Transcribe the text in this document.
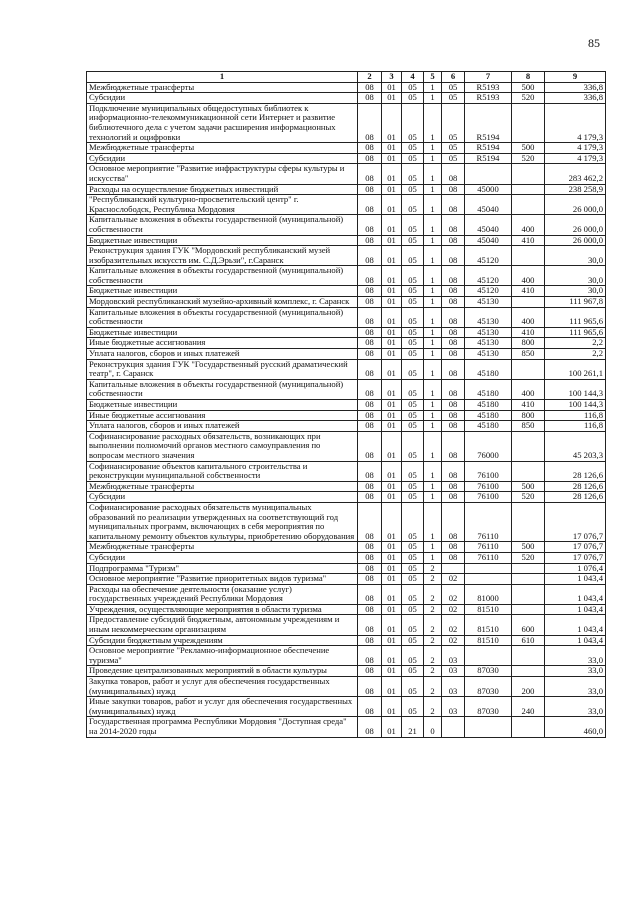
85
1	2	3	4	5	6	7	8	9
Межбюджетные трансферты	08	01	05	1	05	R5193	500	336,8
Субсидии	08	01	05	1	05	R5193	520	336,8
Подключение муниципальных общедоступных библиотек к информационно-телекоммуникационной сети Интернет и развитие библиотечного дела с учетом задачи расширения информационных технологий и оцифровки	08	01	05	1	05	R5194		4 179,3
Межбюджетные трансферты	08	01	05	1	05	R5194	500	4 179,3
Субсидии	08	01	05	1	05	R5194	520	4 179,3
Основное мероприятие "Развитие инфраструктуры сферы культуры и искусства"	08	01	05	1	08			283 462,2
Расходы на осуществление бюджетных инвестиций	08	01	05	1	08	45000		238 258,9
"Республиканский культурно-просветительский центр" г. Краснослободск, Республика Мордовия	08	01	05	1	08	45040		26 000,0
Капитальные вложения в объекты государственной (муниципальной) собственности	08	01	05	1	08	45040	400	26 000,0
Бюджетные инвестиции	08	01	05	1	08	45040	410	26 000,0
Реконструкция здания ГУК "Мордовский республиканский музей изобразительных искусств им. С.Д.Эрьзи", г.Саранск	08	01	05	1	08	45120		30,0
Капитальные вложения в объекты государственной (муниципальной) собственности	08	01	05	1	08	45120	400	30,0
Бюджетные инвестиции	08	01	05	1	08	45120	410	30,0
Мордовский республиканский музейно-архивный комплекс, г. Саранск	08	01	05	1	08	45130		111 967,8
Капитальные вложения в объекты государственной (муниципальной) собственности	08	01	05	1	08	45130	400	111 965,6
Бюджетные инвестиции	08	01	05	1	08	45130	410	111 965,6
Иные бюджетные ассигнования	08	01	05	1	08	45130	800	2,2
Уплата налогов, сборов и иных платежей	08	01	05	1	08	45130	850	2,2
Реконструкция здания ГУК "Государственный русский драматический театр", г. Саранск	08	01	05	1	08	45180		100 261,1
Капитальные вложения в объекты государственной (муниципальной) собственности	08	01	05	1	08	45180	400	100 144,3
Бюджетные инвестиции	08	01	05	1	08	45180	410	100 144,3
Иные бюджетные ассигнования	08	01	05	1	08	45180	800	116,8
Уплата налогов, сборов и иных платежей	08	01	05	1	08	45180	850	116,8
Софинансирование расходных обязательств, возникающих при выполнении полномочий органов местного самоуправления по вопросам местного значения	08	01	05	1	08	76000		45 203,3
Софинансирование объектов капитального строительства и реконструкции муниципальной собственности	08	01	05	1	08	76100		28 126,6
Межбюджетные трансферты	08	01	05	1	08	76100	500	28 126,6
Субсидии	08	01	05	1	08	76100	520	28 126,6
Софинансирование расходных обязательств муниципальных образований по реализации утвержденных на соответствующий год муниципальных программ, включающих в себя мероприятия по капитальному ремонту объектов культуры, приобретению оборудования	08	01	05	1	08	76110		17 076,7
Межбюджетные трансферты	08	01	05	1	08	76110	500	17 076,7
Субсидии	08	01	05	1	08	76110	520	17 076,7
Подпрограмма "Туризм"	08	01	05	2				1 076,4
Основное мероприятие "Развитие приоритетных видов туризма"	08	01	05	2	02			1 043,4
Расходы на обеспечение деятельности (оказание услуг) государственных учреждений Республики Мордовия	08	01	05	2	02	81000		1 043,4
Учреждения, осуществляющие мероприятия в области туризма	08	01	05	2	02	81510		1 043,4
Предоставление субсидий бюджетным, автономным учреждениям и иным некоммерческим организациям	08	01	05	2	02	81510	600	1 043,4
Субсидии бюджетным учреждениям	08	01	05	2	02	81510	610	1 043,4
Основное мероприятие "Рекламно-информационное обеспечение туризма"	08	01	05	2	03			33,0
Проведение централизованных мероприятий в области культуры	08	01	05	2	03	87030		33,0
Закупка товаров, работ и услуг для обеспечения государственных (муниципальных) нужд	08	01	05	2	03	87030	200	33,0
Иные закупки товаров, работ и услуг для обеспечения государственных (муниципальных) нужд	08	01	05	2	03	87030	240	33,0
Государственная программа Республики Мордовия "Доступная среда" на 2014-2020 годы	08	01	21	0				460,0
